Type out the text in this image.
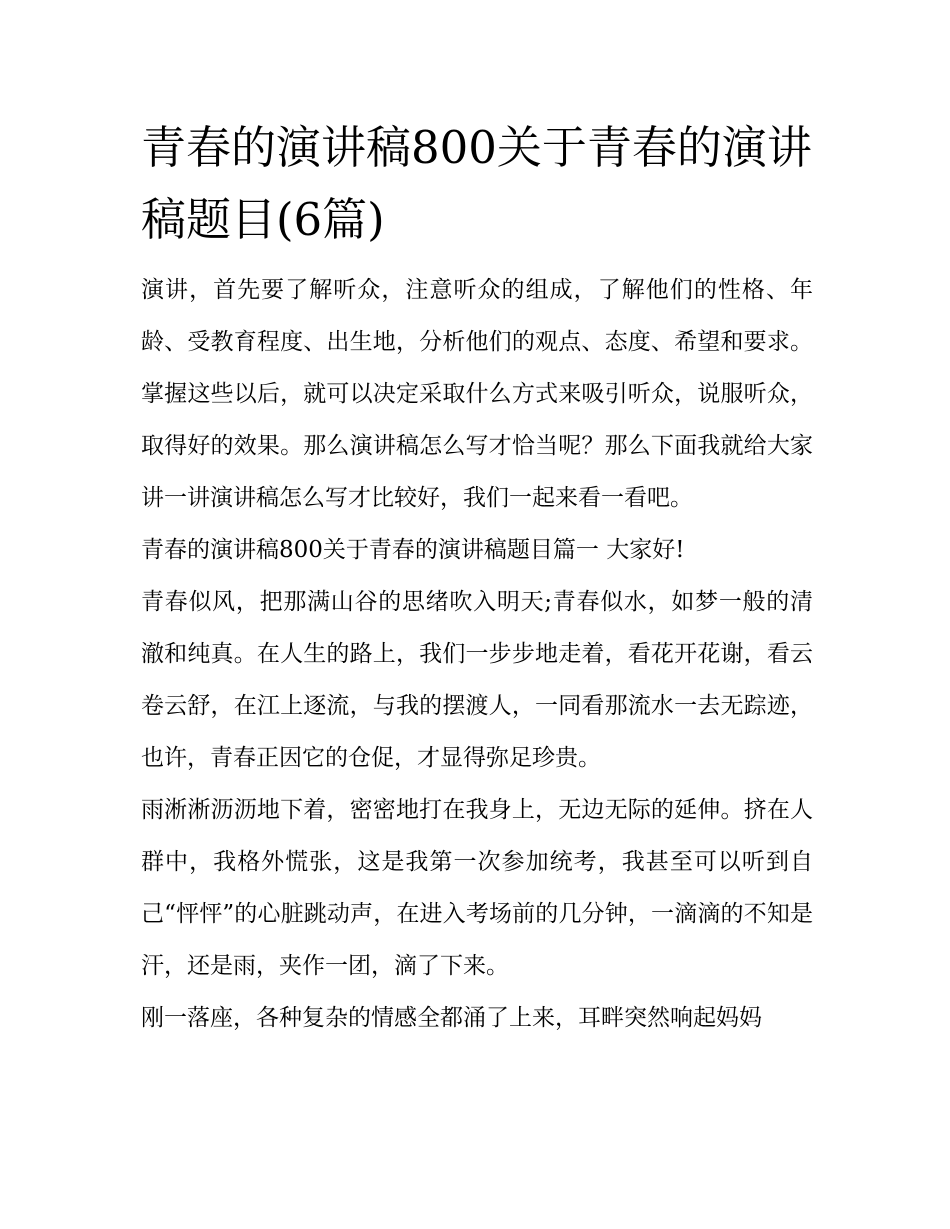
青春的演讲稿800关于青春的演讲稿题目(6篇)

演讲，首先要了解听众，注意听众的组成，了解他们的性格、年龄、受教育程度、出生地，分析他们的观点、态度、希望和要求。掌握这些以后，就可以决定采取什么方式来吸引听众，说服听众，取得好的效果。那么演讲稿怎么写才恰当呢？那么下面我就给大家讲一讲演讲稿怎么写才比较好，我们一起来看一看吧。

青春的演讲稿800关于青春的演讲稿题目篇一 大家好!

青春似风，把那满山谷的思绪吹入明天;青春似水，如梦一般的清澈和纯真。在人生的路上，我们一步步地走着，看花开花谢，看云卷云舒，在江上逐流，与我的摆渡人，一同看那流水一去无踪迹，也许，青春正因它的仓促，才显得弥足珍贵。

雨淅淅沥沥地下着，密密地打在我身上，无边无际的延伸。挤在人群中，我格外慌张，这是我第一次参加统考，我甚至可以听到自己“怦怦”的心脏跳动声，在进入考场前的几分钟，一滴滴的不知是汗，还是雨，夹作一团，滴了下来。

刚一落座，各种复杂的情感全都涌了上来，耳畔突然响起妈妈
